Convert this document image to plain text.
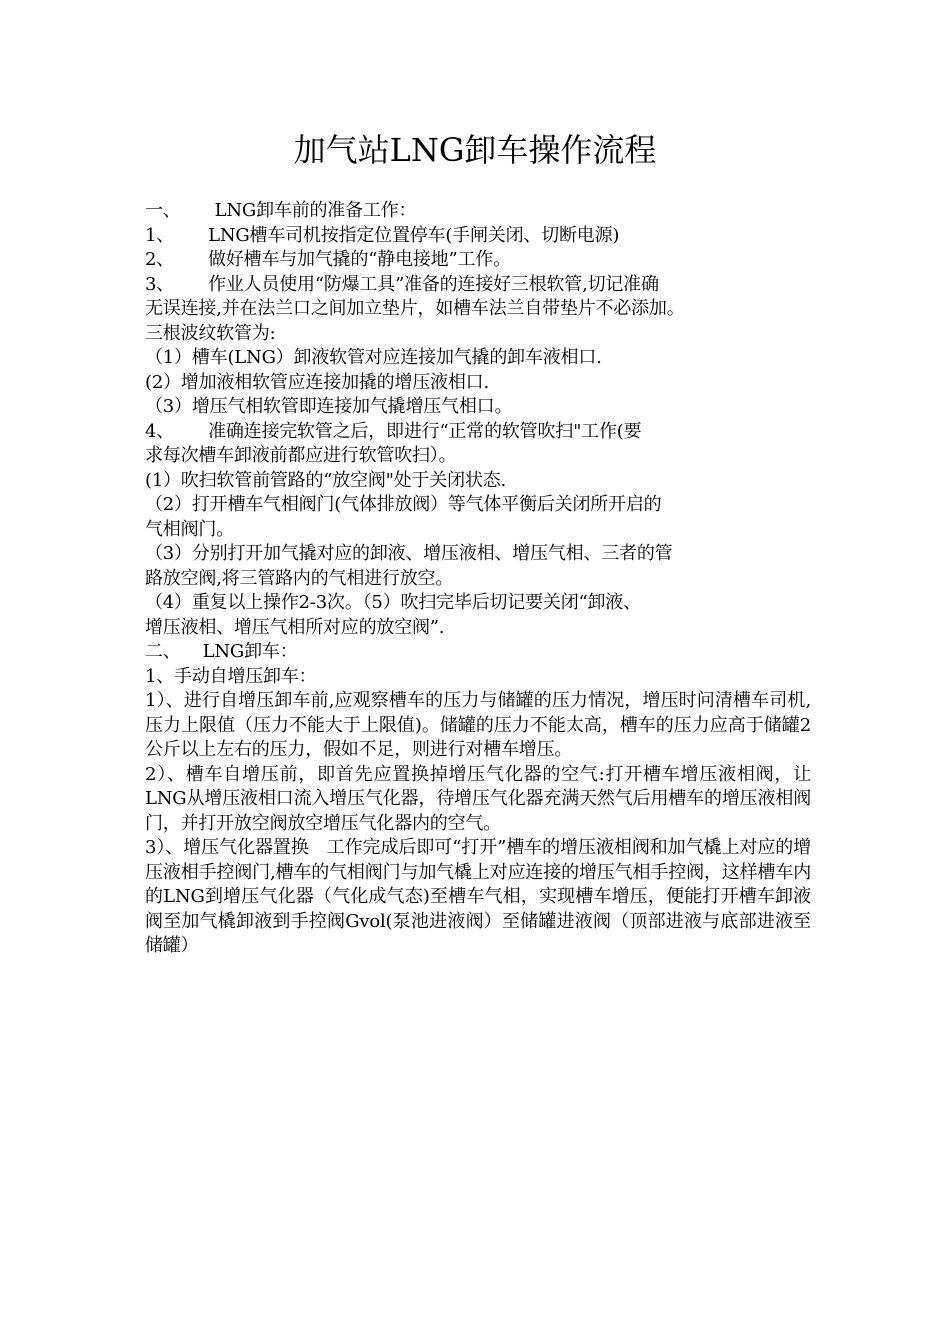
加气站LNG卸车操作流程
一、 LNG卸车前的准备工作：
1、 LNG槽车司机按指定位置停车(手闸关闭、切断电源)
2、 做好槽车与加气撬的“静电接地”工作。
3、 作业人员使用“防爆工具”准备的连接好三根软管,切记准确
无误连接,并在法兰口之间加立垫片，如槽车法兰自带垫片不必添加。
三根波纹软管为:
（1）槽车(LNG）卸液软管对应连接加气撬的卸车液相口.
(2）增加液相软管应连接加撬的增压液相口.
（3）增压气相软管即连接加气撬增压气相口。
4、 准确连接完软管之后，即进行“正常的软管吹扫"工作(要
求每次槽车卸液前都应进行软管吹扫）。
(1）吹扫软管前管路的“放空阀"处于关闭状态.
（2）打开槽车气相阀门(气体排放阀）等气体平衡后关闭所开启的
气相阀门。
（3）分别打开加气撬对应的卸液、增压液相、增压气相、三者的管
路放空阀,将三管路内的气相进行放空。
（4）重复以上操作2-3次。（5）吹扫完毕后切记要关闭“卸液、
增压液相、增压气相所对应的放空阀”.
二、 LNG卸车：
1、手动自增压卸车：
1）、进行自增压卸车前,应观察槽车的压力与储罐的压力情况，增压时问清槽车司机,压力上限值（压力不能大于上限值)。储罐的压力不能太高，槽车的压力应高于储罐2公斤以上左右的压力，假如不足，则进行对槽车增压。
2）、槽车自增压前，即首先应置换掉增压气化器的空气:打开槽车增压液相阀，让LNG从增压液相口流入增压气化器，待增压气化器充满天然气后用槽车的增压液相阀门，并打开放空阀放空增压气化器内的空气。
3）、增压气化器置换　工作完成后即可“打开”槽车的增压液相阀和加气橇上对应的增压液相手控阀门,槽车的气相阀门与加气橇上对应连接的增压气相手控阀，这样槽车内的LNG到增压气化器（气化成气态)至槽车气相，实现槽车增压，便能打开槽车卸液阀至加气橇卸液到手控阀Gvol(泵池进液阀）至储罐进液阀（顶部进液与底部进液至储罐）
